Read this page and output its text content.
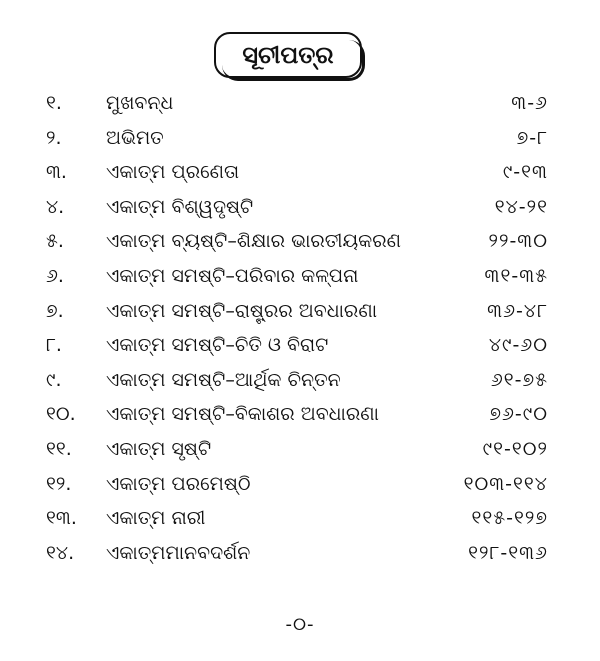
ସୂଚୀପତ୍ର
୧.	ମୁଖବନ୍ଧ	୩-୬
୨.	ଅଭିମତ	୭-୮
୩.	ଏକାତ୍ମ ପ୍ରଣେତା	୯-୧୩
୪.	ଏକାତ୍ମ ବିଶ୍ୱଦୃଷ୍ଟି	୧୪-୨୧
୫.	ଏକାତ୍ମ ବ୍ୟଷ୍ଟି–ଶିକ୍ଷାର ଭାରତୀୟକରଣ	୨୨-୩୦
୬.	ଏକାତ୍ମ ସମଷ୍ଟି–ପରିବାର କଳ୍ପନା	୩୧-୩୫
୭.	ଏକାତ୍ମ ସମଷ୍ଟି–ରାଷ୍ଟ୍ରର ଅବଧାରଣା	୩୬-୪୮
୮.	ଏକାତ୍ମ ସମଷ୍ଟି–ଚିତି ଓ ବିରାଟ	୪୯-୬୦
୯.	ଏକାତ୍ମ ସମଷ୍ଟି–ଆର୍ଥିକ ଚିନ୍ତନ	୬୧-୭୫
୧୦.	ଏକାତ୍ମ ସମଷ୍ଟି–ବିକାଶର ଅବଧାରଣା	୭୬-୯୦
୧୧.	ଏକାତ୍ମ ସୃଷ୍ଟି	୯୧-୧୦୨
୧୨.	ଏକାତ୍ମ ପରମେଷ୍ଠି	୧୦୩-୧୧୪
୧୩.	ଏକାତ୍ମ ନାରୀ	୧୧୫-୧୨୭
୧୪.	ଏକାତ୍ମମାନବଦର୍ଶନ	୧୨୮-୧୩୬
-୦-
